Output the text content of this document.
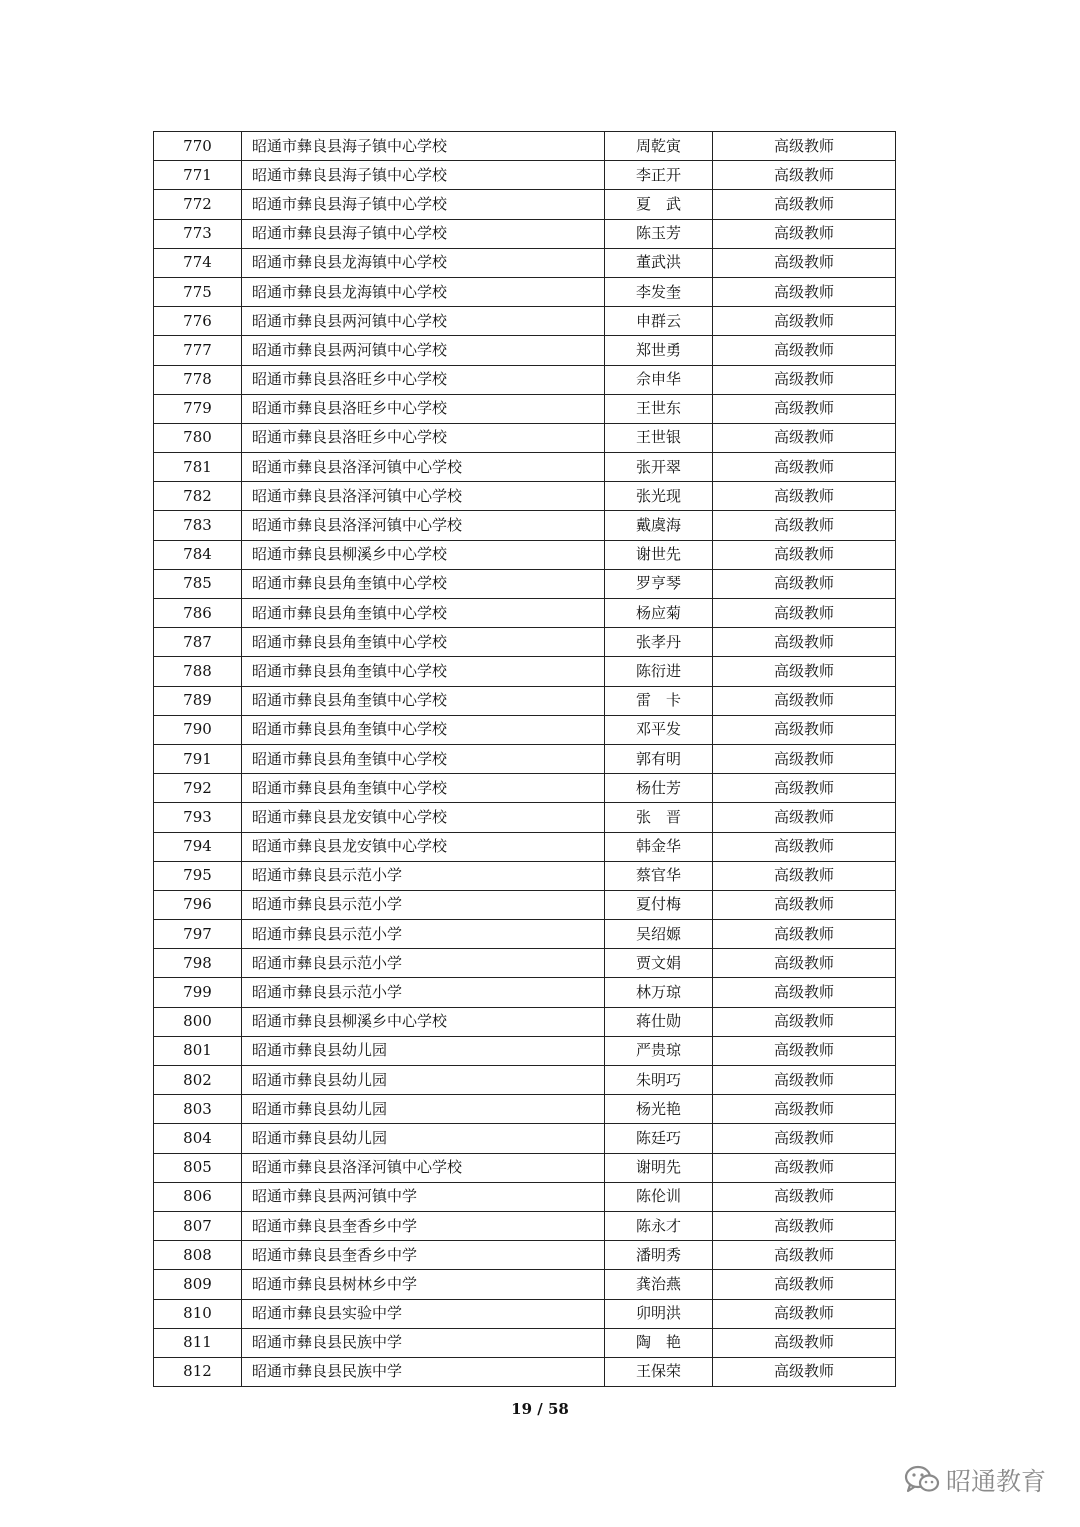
770	昭通市彝良县海子镇中心学校	周乾寅	高级教师
771	昭通市彝良县海子镇中心学校	李正开	高级教师
772	昭通市彝良县海子镇中心学校	夏　武	高级教师
773	昭通市彝良县海子镇中心学校	陈玉芳	高级教师
774	昭通市彝良县龙海镇中心学校	董武洪	高级教师
775	昭通市彝良县龙海镇中心学校	李发奎	高级教师
776	昭通市彝良县两河镇中心学校	申群云	高级教师
777	昭通市彝良县两河镇中心学校	郑世勇	高级教师
778	昭通市彝良县洛旺乡中心学校	佘申华	高级教师
779	昭通市彝良县洛旺乡中心学校	王世东	高级教师
780	昭通市彝良县洛旺乡中心学校	王世银	高级教师
781	昭通市彝良县洛泽河镇中心学校	张开翠	高级教师
782	昭通市彝良县洛泽河镇中心学校	张光现	高级教师
783	昭通市彝良县洛泽河镇中心学校	戴虞海	高级教师
784	昭通市彝良县柳溪乡中心学校	谢世先	高级教师
785	昭通市彝良县角奎镇中心学校	罗亨琴	高级教师
786	昭通市彝良县角奎镇中心学校	杨应菊	高级教师
787	昭通市彝良县角奎镇中心学校	张孝丹	高级教师
788	昭通市彝良县角奎镇中心学校	陈衍进	高级教师
789	昭通市彝良县角奎镇中心学校	雷　卡	高级教师
790	昭通市彝良县角奎镇中心学校	邓平发	高级教师
791	昭通市彝良县角奎镇中心学校	郭有明	高级教师
792	昭通市彝良县角奎镇中心学校	杨仕芳	高级教师
793	昭通市彝良县龙安镇中心学校	张　晋	高级教师
794	昭通市彝良县龙安镇中心学校	韩金华	高级教师
795	昭通市彝良县示范小学	蔡官华	高级教师
796	昭通市彝良县示范小学	夏付梅	高级教师
797	昭通市彝良县示范小学	吴绍嫄	高级教师
798	昭通市彝良县示范小学	贾文娟	高级教师
799	昭通市彝良县示范小学	林万琼	高级教师
800	昭通市彝良县柳溪乡中心学校	蒋仕勋	高级教师
801	昭通市彝良县幼儿园	严贵琼	高级教师
802	昭通市彝良县幼儿园	朱明巧	高级教师
803	昭通市彝良县幼儿园	杨光艳	高级教师
804	昭通市彝良县幼儿园	陈廷巧	高级教师
805	昭通市彝良县洛泽河镇中心学校	谢明先	高级教师
806	昭通市彝良县两河镇中学	陈伦训	高级教师
807	昭通市彝良县奎香乡中学	陈永才	高级教师
808	昭通市彝良县奎香乡中学	潘明秀	高级教师
809	昭通市彝良县树林乡中学	龚治燕	高级教师
810	昭通市彝良县实验中学	卯明洪	高级教师
811	昭通市彝良县民族中学	陶　艳	高级教师
812	昭通市彝良县民族中学	王保荣	高级教师
19 / 58
昭通教育
